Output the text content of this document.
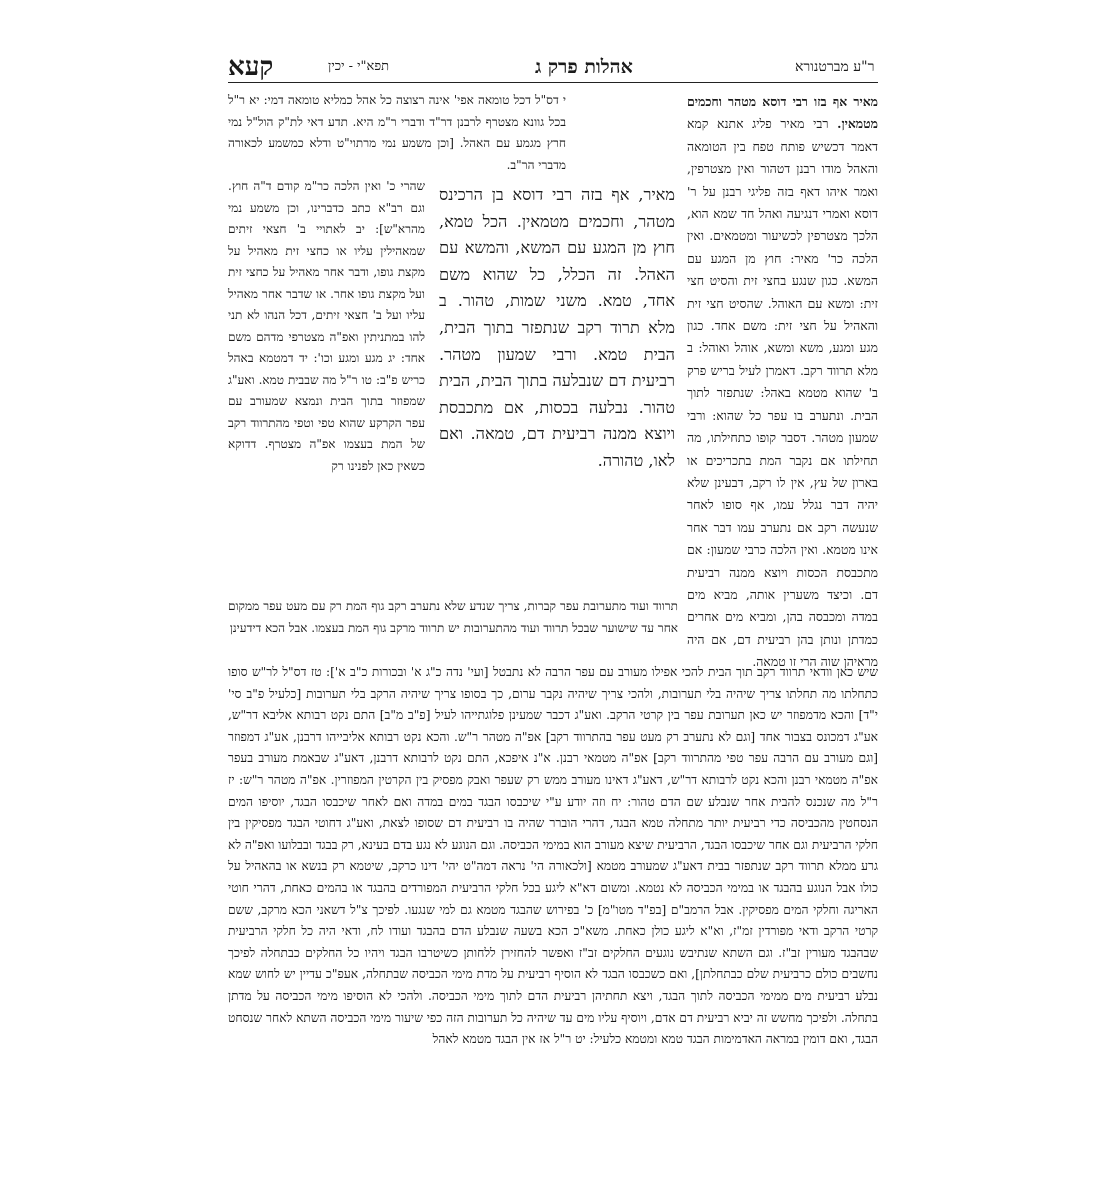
קעא	תפא"י - יכין	אהלות פרק ג	ר"ע מברטנורא
מאיר אף בזו רבי דוסא מטהר וחכמים מטמאין. רבי מאיר פליג אתנא קמא דאמר דכשיש פותח טפח בין הטומאה והאהל מודו רבנן דטהור ואין מצטרפין, ואמר איהו דאף בזה פליגי רבנן על ר' דוסא ואמרי דנגיעה ואהל חד שמא הוא, הלכך מצטרפין לכשיעור ומטמאים. ואין הלכה כר' מאיר: חוץ מן המגע עם המשא. כגון שנגע בחצי זית והסיט חצי זית: ומשא עם האוהל. שהסיט חצי זית והאהיל על חצי זית: משם אחד. כגון מגע ומגע, משא ומשא, אוהל ואוהל: ב מלא תרווד רקב. דאמרן לעיל בריש פרק ב' שהוא מטמא באהל: שנתפזר לתוך הבית. ונתערב בו עפר כל שהוא: ורבי שמעון מטהר. דסבר קופו כתחילתו, מה תחילתו אם נקבר המת בתכריכים או בארון של עץ, אין לו רקב, דבעינן שלא יהיה דבר נגלל עמו, אף סופו לאחר שנעשה רקב אם נתערב עמו דבר אחר אינו מטמא. ואין הלכה כרבי שמעון: אם מתכבסת הכסות ויוצא ממנה רביעית דם. וכיצד משערין אותה, מביא מים במדה ומכבסה בהן, ומביא מים אחרים כמדתן ונותן בהן רביעית דם, אם היה מראיהן שוה הרי זו טמאה.
י דס"ל דכל טומאה אפי' אינה רצוצה כל אהל כמליא טומאה דמי: יא ר"ל בכל גוונא מצטרף לרבנן דר"ד ודברי ר"מ היא. תדע דאי לת"ק הול"ל נמי חרץ מגמע עם האהל. [וכן משמע נמי מרתוי"ט ודלא כמשמע לכאורה מדברי הר"ב.
מאיר, אף בזה רבי דוסא בן הרכינס מטהר, וחכמים מטמאין. הכל טמא, חוץ מן המגע עם המשא, והמשא עם האהל. זה הכלל, כל שהוא משם אחד, טמא. משני שמות, טהור. ב מלא תרוד רקב שנתפזר בתוך הבית, הבית טמא. ורבי שמעון מטהר. רביעית דם שנבלעה בתוך הבית, הבית טהור. נבלעה בכסות, אם מתכבסת ויוצא ממנה רביעית דם, טמאה. ואם לאו, טהורה.
שהרי כ' ואין הלכה כר"מ קודם ד"ה חוץ. וגם רב"א כתב כדברינו, וכן משמע נמי מהרא"ש]: יב לאתויי ב' חצאי זיתים שמאהילין עליו או כחצי זית מאהיל על מקצת גופו, ודבר אחר מאהיל על כחצי זית ועל מקצת גופו אחר. או שדבר אחר מאהיל עליו ועל ב' חצאי זיתים, דכל הנהו לא תני להו במתניתין ואפ"ה מצטרפי מדהם משם אחד: יג מגע ומגע וכו': יד דמטמא באהל כריש פ"ב: טו ר"ל מה שבבית טמא. ואע"ג שמפוזר בתוך הבית ונמצא שמעורב עם עפר הקרקע שהוא טפי וטפי מהתרווד רקב של המת בעצמו אפ"ה מצטרף. דדוקא כשאין כאן לפנינו רק
תרווד ועוד מתערובת עפר קברות, צריך שנדע שלא נתערב רקב גוף המת רק עם מעט עפר ממקום אחר עד שישוער שבכל תרווד ועוד מהתערובות יש תרווד מרקב גוף המת בעצמו. אבל הכא דידעינן
שיש כאן וודאי תרווד רקב תוך הבית להכי אפילו מעורב עם עפר הרבה לא נתבטל [ועי' נדה כ"ג א' ובכורות כ"ב א']: טז דס"ל לר"ש סופו כתחלתו מה תחלתו צריך שיהיה בלי תערובות, ולהכי צריך שיהיה נקבר ערום, כך בסופו צריך שיהיה הרקב בלי תערובות [כלעיל פ"ב סי' י"ד] והכא מדמפוזר יש כאן תערובת עפר בין קרטי הרקב. ואע"ג דכבר שמעינן פלוגתייהו לעיל [פ"ב מ"ב] התם נקט רבותא אליבא דר"ש, אע"ג דמכונס בצבור אחד [וגם לא נתערב רק מעט עפר בהתרווד רקב] אפ"ה מטהר ר"ש. והכא נקט רבותא אליבייהו דרבנן, אע"ג דמפוזר [וגם מעורב עם הרבה עפר טפי מהתרווד רקב] אפ"ה מטמאי רבנן. א"נ איפכא, התם נקט לרבותא דרבנן, דאע"ג שבאמת מעורב בעפר אפ"ה מטמאי רבנן והכא נקט לרבותא דר"ש, דאע"ג דאינו מעורב ממש רק שעפר ואבק מפסיק בין הקרטין המפוזרין. אפ"ה מטהר ר"ש: יז ר"ל מה שנכנס להבית אחר שנבלע שם הדם טהור: יח וזה יודע ע"י שיכבסו הבגד במים במדה ואם לאחר שיכבסו הבגד, יוסיפו המים הנסחטין מהכביסה כדי רביעית יותר מתחלה טמא הבגד, דהרי הוברר שהיה בו רביעית דם שסופו לצאת, ואע"ג דחוטי הבגד מפסיקין בין חלקי הרביעית וגם אחר שיכבסו הבגד, הרביעית שיצא מעורב הוא במימי הכביסה. וגם הנוגע לא נגע בדם בעינא, רק בבגד ובבלועו ואפ"ה לא גרע ממלא תרווד רקב שנתפזר בבית דאע"ג שמעורב מטמא [ולכאורה הי' נראה דמה"ט יהי' דינו כרקב, שיטמא רק בנשא או בהאהיל על כולו אבל הנוגע בהבגד או במימי הכביסה לא נטמא. ומשום דא"א ליגע בכל חלקי הרביעית המפורדים בהבגד או בהמים כאחת, דהרי חוטי האריגה וחלקי המים מפסיקין. אבל הרמב"ם [בפ"ד מטו"מ] כ' בפירוש שהבגד מטמא גם למי שנגעו. לפיכך צ"ל דשאני הכא מרקב, ששם קרטי הרקב ודאי מפורדין זמ"ז, וא"א ליגע כולן כאחת. משא"כ הכא בשעה שנבלע הדם בהבגד ועודו לח, ודאי היה כל חלקי הרביעית שבהבגד מעורין זב"ז. וגם השתא שנתיבש נוגעים החלקים זב"ז ואפשר להחזירן ללחותן כשיטרבו הבגד ויהיו כל החלקים כבתחלה לפיכך נחשבים כולם כרביעית שלם כבתחלתן], ואם כשכבסו הבגד לא הוסיף רביעית על מדת מימי הכביסה שבתחלה, אעפ"כ עדיין יש לחוש שמא נבלע רביעית מים ממימי הכביסה לתוך הבגד, ויצא תחתיהן רביעית הדם לתוך מימי הכביסה. ולהכי לא הוסיפו מימי הכביסה על מדתן בתחלה. ולפיכך מחשש זה יביא רביעית דם אדם, ויוסיף עליו מים עד שיהיה כל תערובות הזה כפי שיעור מימי הכביסה השתא לאחר שנסחט הבגד, ואם דומין במראה האדמימות הבגד טמא ומטמא כלעיל: יט ר"ל אז אין הבגד מטמא לאהל
